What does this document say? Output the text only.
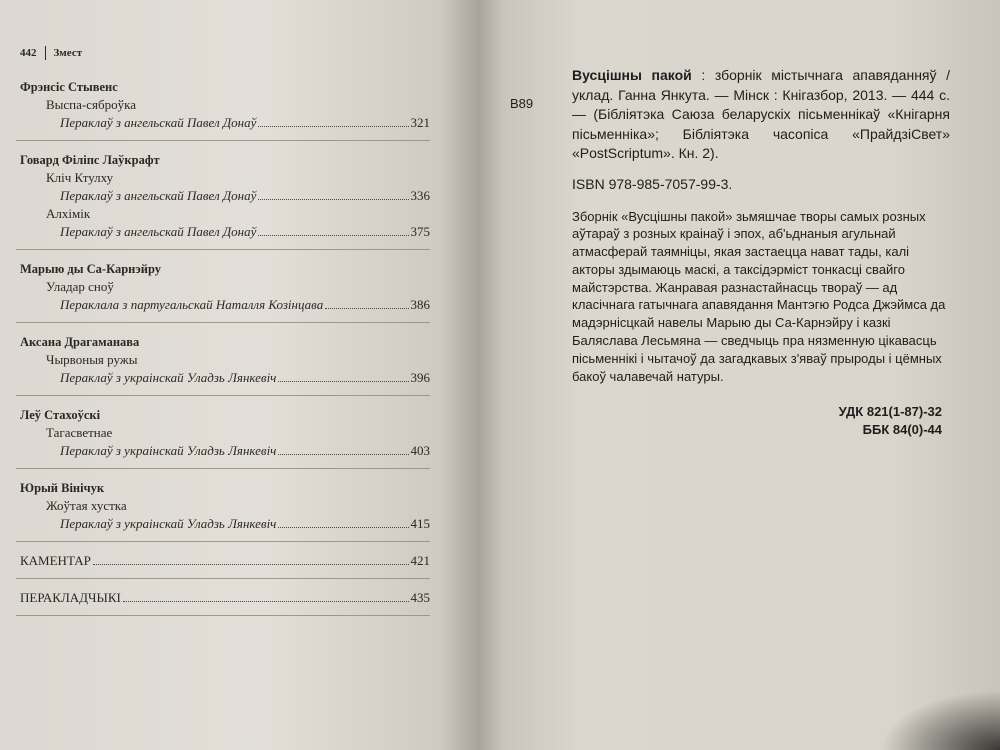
442 Змест
Фрэнсіс Стывенс
Выспа-сяброўка
Пераклаў з ангельскай Павел Донаў	321
Говард Філіпс Лаўкрафт
Кліч Ктулху
Пераклаў з ангельскай Павел Донаў	336
Алхімік
Пераклаў з ангельскай Павел Донаў	375
Марыю ды Са-Карнэйру
Уладар сноў
Пераклала з партугальскай Наталля Козінцава	386
Аксана Драгаманава
Чырвоныя ружы
Пераклаў з украінскай Уладзь Лянкевіч	396
Леў Стахоўскі
Тагасветнае
Пераклаў з украінскай Уладзь Лянкевіч	403
Юрый Вінічук
Жоўтая хустка
Пераклаў з украінскай Уладзь Лянкевіч	415
КАМЕНТАР	421
ПЕРАКЛАДЧЫКІ	435
В89
Вусцішны пакой : зборнік містычнага апавяданняў / уклад. Ганна Янкута. — Мінск : Кнігазбор, 2013. — 444 с. — (Бібліятэка Саюза беларускіх пісьменнікаў «Кнігарня пісьменніка»; Бібліятэка часопіса «ПрайдзіСвет» «PostScriptum». Кн. 2).
ISBN 978-985-7057-99-3.
Зборнік «Вусцішны пакой» зьмяшчае творы самых розных аўтараў з розных краінаў і эпох, аб'ьднаныя агульнай атмасферай таямніцы, якая застаецца нават тады, калі акторы здымаюць маскі, а таксідэрміст тонкасці свайго майстэрства. Жанравая разнастайнасць твораў — ад класічнага гатычнага апавядання Мантэгю Родса Джэймса да мадэрнісцкай навелы Марыю ды Са-Карнэйру і казкі Баляслава Лесьмяна — сведчыць пра нязменную цікавасць пісьменнікі і чытачоў да загадкавых з'яваў прыроды і цёмных бакоў чалавечай натуры.
УДК 821(1-87)-32
ББК 84(0)-44
